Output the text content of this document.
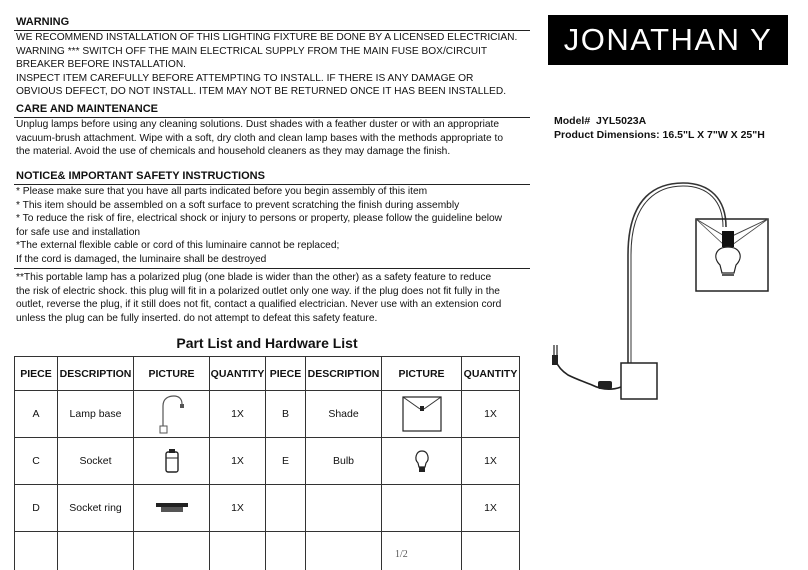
WARNING
WE RECOMMEND INSTALLATION OF THIS LIGHTING FIXTURE BE DONE BY A LICENSED ELECTRICIAN.
WARNING *** SWITCH OFF THE MAIN ELECTRICAL SUPPLY FROM THE MAIN FUSE BOX/CIRCUIT
BREAKER BEFORE INSTALLATION.
INSPECT ITEM CAREFULLY BEFORE ATTEMPTING TO INSTALL. IF THERE IS ANY DAMAGE OR
OBVIOUS DEFECT, DO NOT INSTALL. ITEM MAY NOT BE RETURNED ONCE IT HAS BEEN INSTALLED.
CARE AND MAINTENANCE
Unplug lamps before using any cleaning solutions. Dust shades with a feather duster or with an appropriate
vacuum-brush attachment. Wipe with a soft, dry cloth and clean lamp bases with the methods appropriate to
the material. Avoid the use of chemicals and household cleaners as they may damage the finish.
NOTICE& IMPORTANT SAFETY INSTRUCTIONS
* Please make sure that you have all parts indicated before you begin assembly of this item
* This item should be assembled on a soft surface to prevent scratching the finish during assembly
* To reduce the risk of fire, electrical shock or injury to persons or property, please follow the guideline below
for safe use and installation
*The external flexible cable or cord of this luminaire cannot be replaced;
If the cord is damaged, the luminaire shall be destroyed
**This portable lamp has a polarized plug (one blade is wider than the other) as a safety feature to reduce
the risk of electric shock. this plug will fit in a polarized outlet only one way. if the plug does not fit fully in the
outlet, reverse the plug, if it still does not fit, contact a qualified electrician. Never use with an extension cord
unless the plug can be fully inserted. do not attempt to defeat this safety feature.
JONATHAN Y
Model# JYL5023A
Product Dimensions: 16.5"L X 7"W X 25"H
Part List and Hardware List
PIECE	DESCRIPTION	PICTURE	QUANTITY	PIECE	DESCRIPTION	PICTURE	QUANTITY
A	Lamp base		1X	B	Shade		1X
C	Socket		1X	E	Bulb		1X
D	Socket ring		1X				1X

1/2
